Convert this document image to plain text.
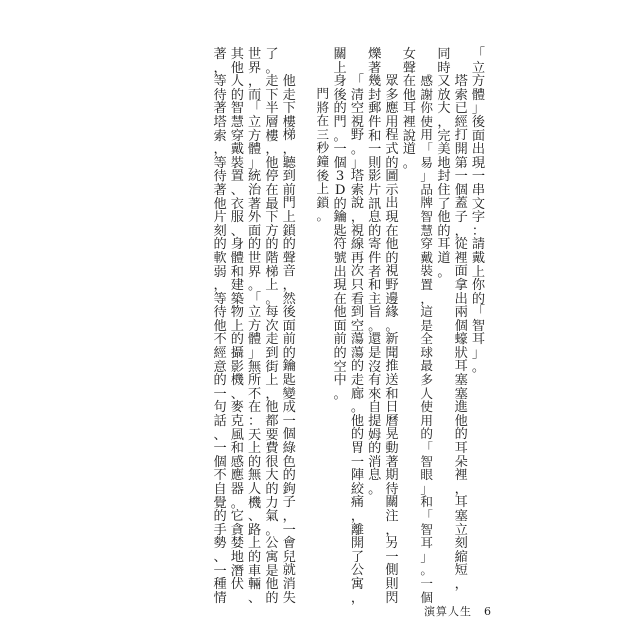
「
立
方
體
」
後
面
出
現
一
串
文
字
：
請
戴
上
你
的
「
智
耳
」
。
塔
索
已
經
打
開
第
一
個
蓋
子
，
從
裡
面
拿
出
兩
個
蠔
狀
耳
塞
塞
進
他
的
耳
朵
裡
，
耳
塞
立
刻
縮
短
，
同
時
又
放
大
，
完
美
地
封
住
了
他
的
耳
道
。
感
謝
你
使
用
「
易
」
品
牌
智
慧
穿
戴
裝
置
，
這
是
全
球
最
多
人
使
用
的
「
智
眼
」
和
「
智
耳
」
。
一
個
女
聲
在
他
耳
裡
說
道
。
眾
多
應
用
程
式
的
圖
示
出
現
在
他
的
視
野
邊
緣
。
新
聞
推
送
和
日
曆
晃
動
著
期
待
關
注
，
另
一
側
則
閃
爍
著
幾
封
郵
件
和
一
則
影
片
訊
息
的
寄
件
者
和
主
旨
。
還
是
沒
有
來
自
提
姆
的
消
息
。
「
清
空
視
野
。
」
塔
索
說
，
視
線
再
次
只
看
到
空
蕩
蕩
的
走
廊
。
他
的
胃
一
陣
絞
痛
，
離
開
了
公
寓
，
關
上
身
後
的
門
。
一
個
3
D
的
鑰
匙
符
號
出
現
在
他
面
前
的
空
中
。
門
將
在
三
秒
鐘
後
上
鎖
。
他
走
下
樓
梯
，
聽
到
前
門
上
鎖
的
聲
音
，
然
後
面
前
的
鑰
匙
變
成
一
個
綠
色
的
鉤
子
，
一
會
兒
就
消
失
了
。
走
下
半
層
樓
，
他
停
在
最
下
方
的
階
梯
上
。
每
次
走
到
街
上
，
他
都
要
費
很
大
的
力
氣
。
公
寓
是
他
的
世
界
，
而
「
立
方
體
」
統
治
著
外
面
的
世
界
。
「
立
方
體
」
無
所
不
在
：
天
上
的
無
人
機
、
路
上
的
車
輛
、
其
他
人
的
智
慧
穿
戴
裝
置
、
衣
服
、
身
體
和
建
築
物
上
的
攝
影
機
、
麥
克
風
和
感
應
器
。
它
貪
婪
地
潛
伏
著
，
等
待
著
塔
索
，
等
待
著
他
片
刻
的
軟
弱
，
等
待
他
不
經
意
的
一
句
話
、
一
個
不
自
覺
的
手
勢
、
一
種
情
演算人生 6
